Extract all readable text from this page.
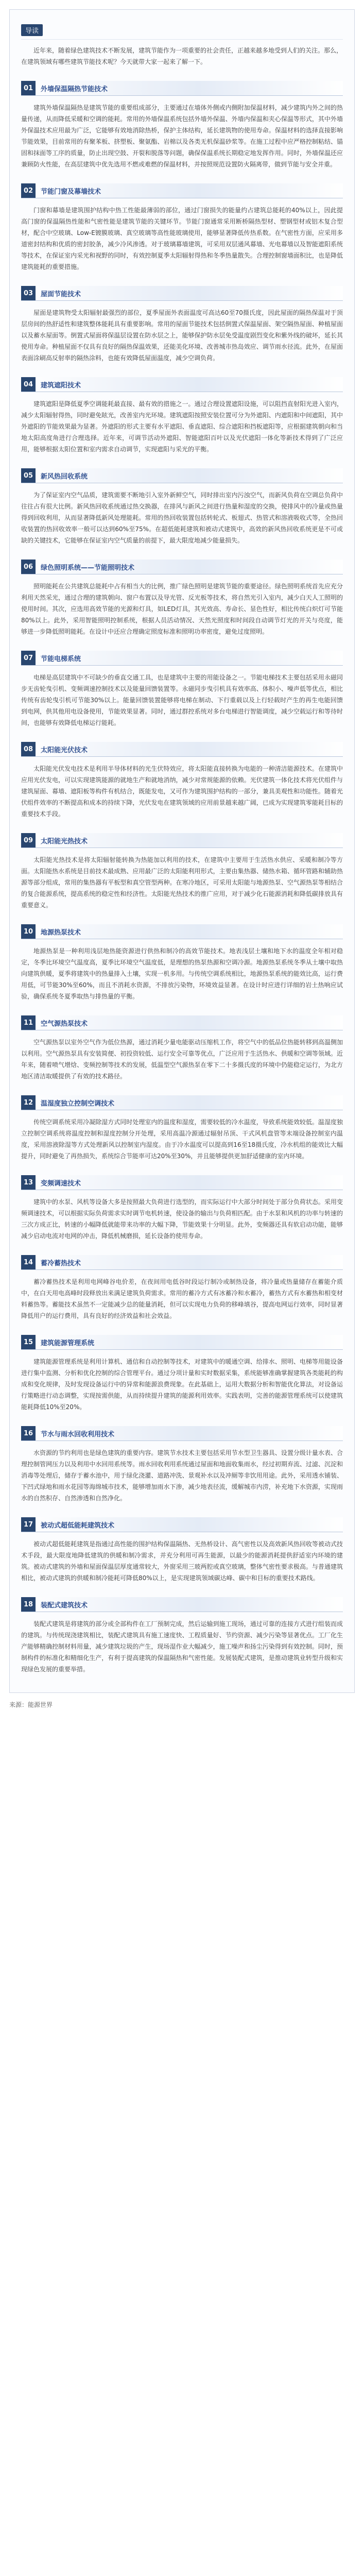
导读

近年来，随着绿色建筑技术不断发展，建筑节能作为一项重要的社会责任，正越来越多地受到人们的关注。那么，在建筑领域有哪些建筑节能技术呢？今天就带大家一起来了解一下。

01	外墙保温隔热节能技术

建筑外墙保温隔热是建筑节能的重要组成部分，主要通过在墙体外侧或内侧附加保温材料，减少建筑内外之间的热量传递，从而降低采暖和空调的能耗。常用的外墙保温系统包括外墙外保温、外墙内保温和夹心保温等形式，其中外墙外保温技术应用最为广泛，它能够有效地消除热桥，保护主体结构，延长建筑物的使用寿命。保温材料的选择直接影响节能效果，目前常用的有聚苯板、挤塑板、聚氨酯、岩棉以及各类无机保温砂浆等。在施工过程中应严格控制粘结、锚固和抹面等工序的质量，防止出现空鼓、开裂和脱落等问题，确保保温系统长期稳定地发挥作用。同时，外墙保温还应兼顾防火性能，在高层建筑中优先选用不燃或难燃的保温材料，并按照规范设置防火隔离带，做到节能与安全并重。

02	节能门窗及幕墙技术

门窗和幕墙是建筑围护结构中热工性能最薄弱的部位，通过门窗损失的能量约占建筑总能耗的40%以上，因此提高门窗的保温隔热性能和气密性能是建筑节能的关键环节。节能门窗通常采用断桥隔热型材、塑钢型材或铝木复合型材，配合中空玻璃、Low-E镀膜玻璃、真空玻璃等高性能玻璃使用，能够显著降低传热系数。在气密性方面，应采用多道密封结构和优质的密封胶条，减少冷风渗透。对于玻璃幕墙建筑，可采用双层通风幕墙、光电幕墙以及智能遮阳系统等技术，在保证室内采光和视野的同时，有效控制夏季太阳辐射得热和冬季热量散失。合理控制窗墙面积比，也是降低建筑能耗的重要措施。

03	屋面节能技术

屋面是建筑物受太阳辐射最强烈的部位，夏季屋面外表面温度可高达60至70摄氏度，因此屋面的隔热保温对于顶层房间的热舒适性和建筑整体能耗具有重要影响。常用的屋面节能技术包括倒置式保温屋面、架空隔热屋面、种植屋面以及蓄水屋面等。倒置式屋面将保温层设置在防水层之上，能够保护防水层免受温度剧烈变化和紫外线的破坏，延长其使用寿命。种植屋面不仅具有良好的隔热保温效果，还能美化环境、改善城市热岛效应、调节雨水径流。此外，在屋面表面涂刷高反射率的隔热涂料，也能有效降低屋面温度，减少空调负荷。

04	建筑遮阳技术

建筑遮阳是降低夏季空调能耗最直接、最有效的措施之一。通过合理设置遮阳设施，可以阻挡直射阳光进入室内，减少太阳辐射得热，同时避免眩光，改善室内光环境。建筑遮阳按照安装位置可分为外遮阳、内遮阳和中间遮阳，其中外遮阳的节能效果最为显著。外遮阳的形式主要有水平遮阳、垂直遮阳、综合遮阳和挡板遮阳等，应根据建筑朝向和当地太阳高度角进行合理选择。近年来，可调节活动外遮阳、智能遮阳百叶以及光伏遮阳一体化等新技术得到了广泛应用，能够根据太阳位置和室内需求自动调节，实现遮阳与采光的平衡。

05	新风热回收系统

为了保证室内空气品质，建筑需要不断地引入室外新鲜空气，同时排出室内污浊空气，而新风负荷在空调总负荷中往往占有很大比例。新风热回收系统通过热交换器，在排风与新风之间进行热量和湿度的交换，使排风中的冷量或热量得到回收利用，从而显著降低新风处理能耗。常用的热回收装置包括转轮式、板翅式、热管式和溶液吸收式等，全热回收装置的热回收效率一般可以达到60%至75%。在超低能耗建筑和被动式建筑中，高效的新风热回收系统更是不可或缺的关键技术，它能够在保证室内空气质量的前提下，最大限度地减少能量损失。

06	绿色照明系统——节能照明技术

照明能耗在公共建筑总能耗中占有相当大的比例，推广绿色照明是建筑节能的重要途径。绿色照明系统首先应充分利用天然采光，通过合理的建筑朝向、窗户布置以及导光管、反光板等技术，将自然光引入室内，减少白天人工照明的使用时间。其次，应选用高效节能的光源和灯具，如LED灯具，其光效高、寿命长、显色性好，相比传统白炽灯可节能80%以上。此外，采用智能照明控制系统，根据人员活动情况、天然光照度和时间段自动调节灯光的开关与亮度，能够进一步降低照明能耗。在设计中还应合理确定照度标准和照明功率密度，避免过度照明。

07	节能电梯系统

电梯是高层建筑中不可缺少的垂直交通工具，也是建筑中主要的用能设备之一。节能电梯技术主要包括采用永磁同步无齿轮曳引机、变频调速控制技术以及能量回馈装置等。永磁同步曳引机具有效率高、体积小、噪声低等优点，相比传统有齿轮曳引机可节能30%以上。能量回馈装置能够将电梯在制动、下行重载以及上行轻载时产生的再生电能回馈到电网，供其他用电设备使用，节能效果显著。同时，通过群控系统对多台电梯进行智能调度，减少空载运行和等待时间，也能够有效降低电梯运行能耗。

08	太阳能光伏技术

太阳能光伏发电技术是利用半导体材料的光生伏特效应，将太阳能直接转换为电能的一种清洁能源技术。在建筑中应用光伏发电，可以实现建筑能源的就地生产和就地消纳，减少对常规能源的依赖。光伏建筑一体化技术将光伏组件与建筑屋面、幕墙、遮阳板等构件有机结合，既能发电，又可作为建筑围护结构的一部分，兼具美观性和功能性。随着光伏组件效率的不断提高和成本的持续下降，光伏发电在建筑领域的应用前景越来越广阔，已成为实现建筑零能耗目标的重要技术手段。

09	太阳能光热技术

太阳能光热技术是将太阳辐射能转换为热能加以利用的技术，在建筑中主要用于生活热水供应、采暖和制冷等方面。太阳能热水系统是目前技术最成熟、应用最广泛的太阳能利用形式，主要由集热器、储热水箱、循环管路和辅助热源等部分组成，常用的集热器有平板型和真空管型两种。在寒冷地区，可采用太阳能与地源热泵、空气源热泵等相结合的复合能源系统，提高系统的稳定性和经济性。太阳能光热技术的推广应用，对于减少化石能源消耗和降低碳排放具有重要意义。

10	地源热泵技术

地源热泵是一种利用浅层地热能资源进行供热和制冷的高效节能技术。地表浅层土壤和地下水的温度全年相对稳定，冬季比环境空气温度高，夏季比环境空气温度低，是理想的热泵热源和空调冷源。地源热泵系统冬季从土壤中取热向建筑供暖，夏季将建筑中的热量排入土壤，实现一机多用。与传统空调系统相比，地源热泵系统的能效比高，运行费用低，可节能30%至60%，而且不消耗水资源，不排放污染物，环境效益显著。在设计时应进行详细的岩土热响应试验，确保系统冬夏季取热与排热量的平衡。

11	空气源热泵技术

空气源热泵以室外空气作为低位热源，通过消耗少量电能驱动压缩机工作，将空气中的低品位热能转移到高温侧加以利用。空气源热泵具有安装简便、初投资较低、运行安全可靠等优点，广泛应用于生活热水、供暖和空调等领域。近年来，随着喷气增焓、变频控制等技术的发展，低温型空气源热泵在零下二十多摄氏度的环境中仍能稳定运行，为北方地区清洁取暖提供了有效的技术路径。

12	温湿度独立控制空调技术

传统空调系统采用冷凝除湿方式同时处理室内的温度和湿度，需要较低的冷水温度，导致系统能效较低。温湿度独立控制空调系统将温度控制和湿度控制分开处理，采用高温冷源通过辐射吊顶、干式风机盘管等末端设备控制室内温度，采用溶液除湿等方式处理新风以控制室内湿度。由于冷水温度可以提高到16至18摄氏度，冷水机组的能效比大幅提升，同时避免了再热损失，系统综合节能率可达20%至30%，并且能够提供更加舒适健康的室内环境。

13	变频调速技术

建筑中的水泵、风机等设备大多是按照最大负荷进行选型的，而实际运行中大部分时间处于部分负荷状态。采用变频调速技术，可以根据实际负荷需求实时调节电机转速，使设备的输出与负荷相匹配。由于水泵和风机的功率与转速的三次方成正比，转速的小幅降低就能带来功率的大幅下降，节能效果十分明显。此外，变频器还具有软启动功能，能够减少启动电流对电网的冲击，降低机械磨损，延长设备的使用寿命。

14	蓄冷蓄热技术

蓄冷蓄热技术是利用电网峰谷电价差，在夜间用电低谷时段运行制冷或制热设备，将冷量或热量储存在蓄能介质中，在白天用电高峰时段释放出来满足建筑负荷需求。常用的蓄冷方式有冰蓄冷和水蓄冷，蓄热方式有水蓄热和相变材料蓄热等。蓄能技术虽然不一定能减少总的能量消耗，但可以实现电力负荷的移峰填谷，提高电网运行效率，同时显著降低用户的运行费用，具有良好的经济效益和社会效益。

15	建筑能源管理系统

建筑能源管理系统是利用计算机、通信和自动控制等技术，对建筑中的暖通空调、给排水、照明、电梯等用能设备进行集中监测、分析和优化控制的综合管理平台。通过分项计量和实时数据采集，系统能够准确掌握建筑各类能耗的构成和变化规律，及时发现设备运行中的异常和能源浪费现象。在此基础上，运用大数据分析和智能优化算法，对设备运行策略进行动态调整，实现按需供能，从而持续提升建筑的能源利用效率。实践表明，完善的能源管理系统可以使建筑能耗降低10%至20%。

16	节水与雨水回收利用技术

水资源的节约利用也是绿色建筑的重要内容。建筑节水技术主要包括采用节水型卫生器具、设置分级计量水表、合理控制管网压力以及利用中水回用系统等。雨水回收利用系统通过屋面和地面收集雨水，经过初期弃流、过滤、沉淀和消毒等处理后，储存于蓄水池中，用于绿化浇灌、道路冲洗、景观补水以及冲厕等非饮用用途。此外，采用透水铺装、下凹式绿地和雨水花园等海绵城市技术，能够增加雨水下渗，减少地表径流，缓解城市内涝，补充地下水资源，实现雨水的自然积存、自然渗透和自然净化。

17	被动式超低能耗建筑技术

被动式超低能耗建筑是指通过高性能的围护结构保温隔热、无热桥设计、高气密性以及高效新风热回收等被动式技术手段，最大限度地降低建筑的供暖和制冷需求，并充分利用可再生能源，以最少的能源消耗提供舒适室内环境的建筑。被动式建筑的外墙和屋面保温层厚度通常较大，外窗采用三玻两腔或真空玻璃，整体气密性要求极高。与普通建筑相比，被动式建筑的供暖和制冷能耗可降低80%以上，是实现建筑领域碳达峰、碳中和目标的重要技术路线。

18	装配式建筑技术

装配式建筑是将建筑的部分或全部构件在工厂预制完成，然后运输到施工现场，通过可靠的连接方式进行组装而成的建筑。与传统现浇建筑相比，装配式建筑具有施工速度快、工程质量好、节约资源、减少污染等显著优点。工厂化生产能够精确控制材料用量，减少建筑垃圾的产生，现场湿作业大幅减少，施工噪声和扬尘污染得到有效控制。同时，预制构件的标准化和精细化生产，有利于提高建筑的保温隔热和气密性能。发展装配式建筑，是推动建筑业转型升级和实现绿色发展的重要举措。

来源：能源世界
